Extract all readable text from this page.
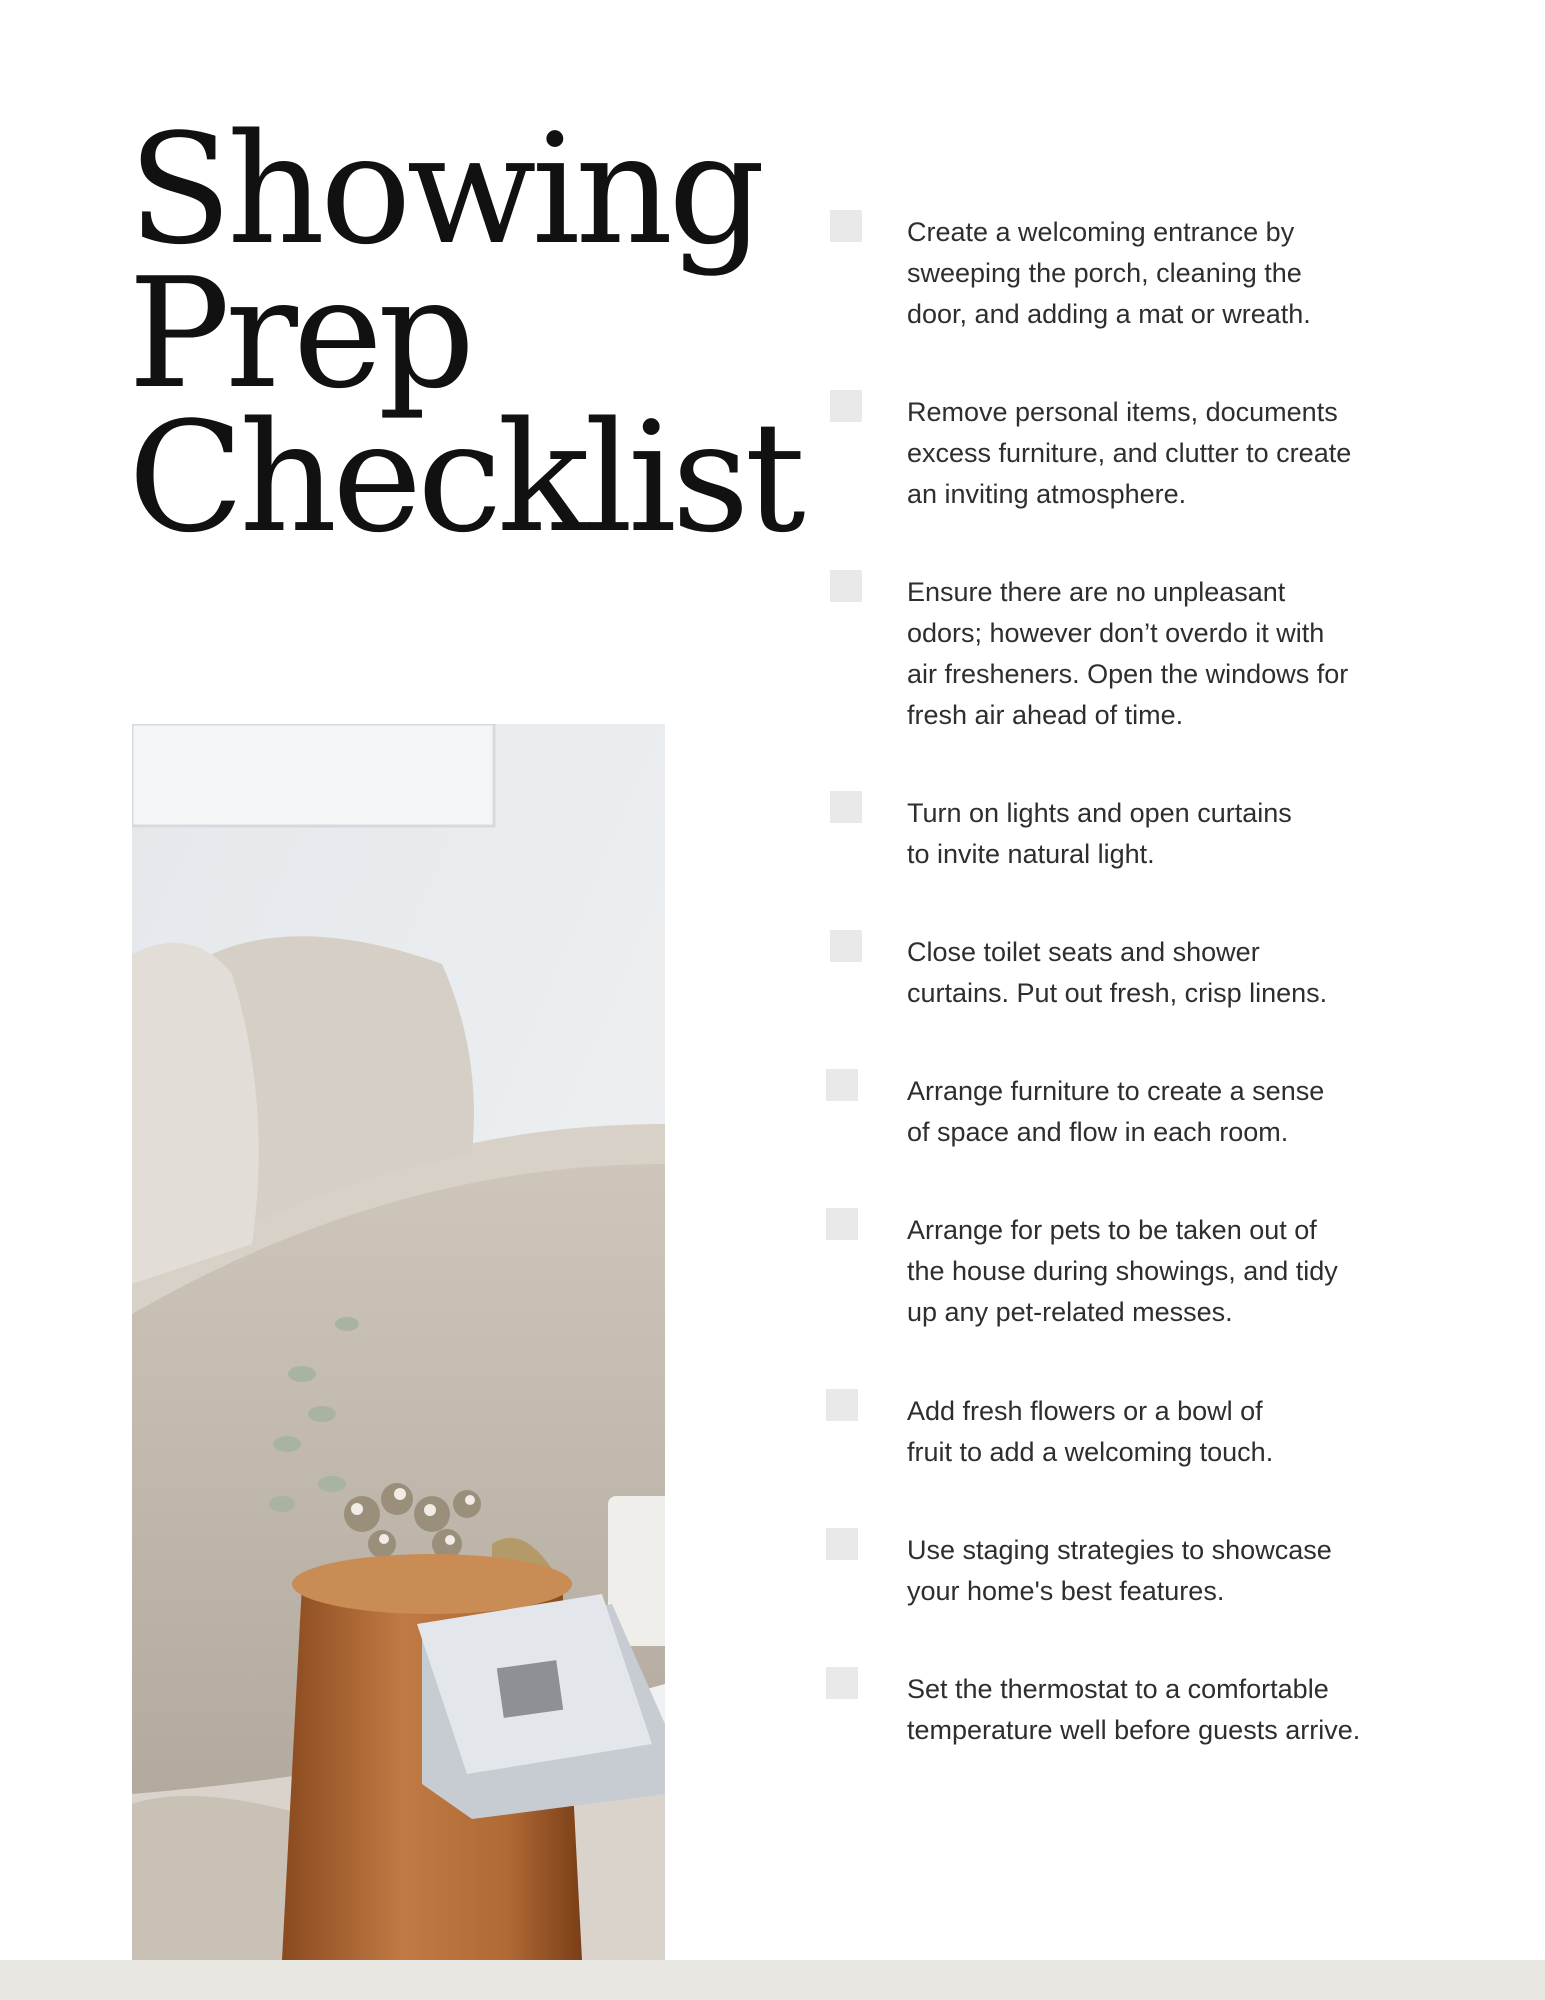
Showing
Prep
Checklist

Create a welcoming entrance by
sweeping the porch, cleaning the
door, and adding a mat or wreath.

Remove personal items, documents
excess furniture, and clutter to create
an inviting atmosphere.

Ensure there are no unpleasant
odors; however don’t overdo it with
air fresheners. Open the windows for
fresh air ahead of time.

Turn on lights and open curtains
to invite natural light.

Close toilet seats and shower
curtains. Put out fresh, crisp linens.

Arrange furniture to create a sense
of space and flow in each room.

Arrange for pets to be taken out of
the house during showings, and tidy
up any pet-related messes.

Add fresh flowers or a bowl of
fruit to add a welcoming touch.

Use staging strategies to showcase
your home's best features.

Set the thermostat to a comfortable
temperature well before guests arrive.
